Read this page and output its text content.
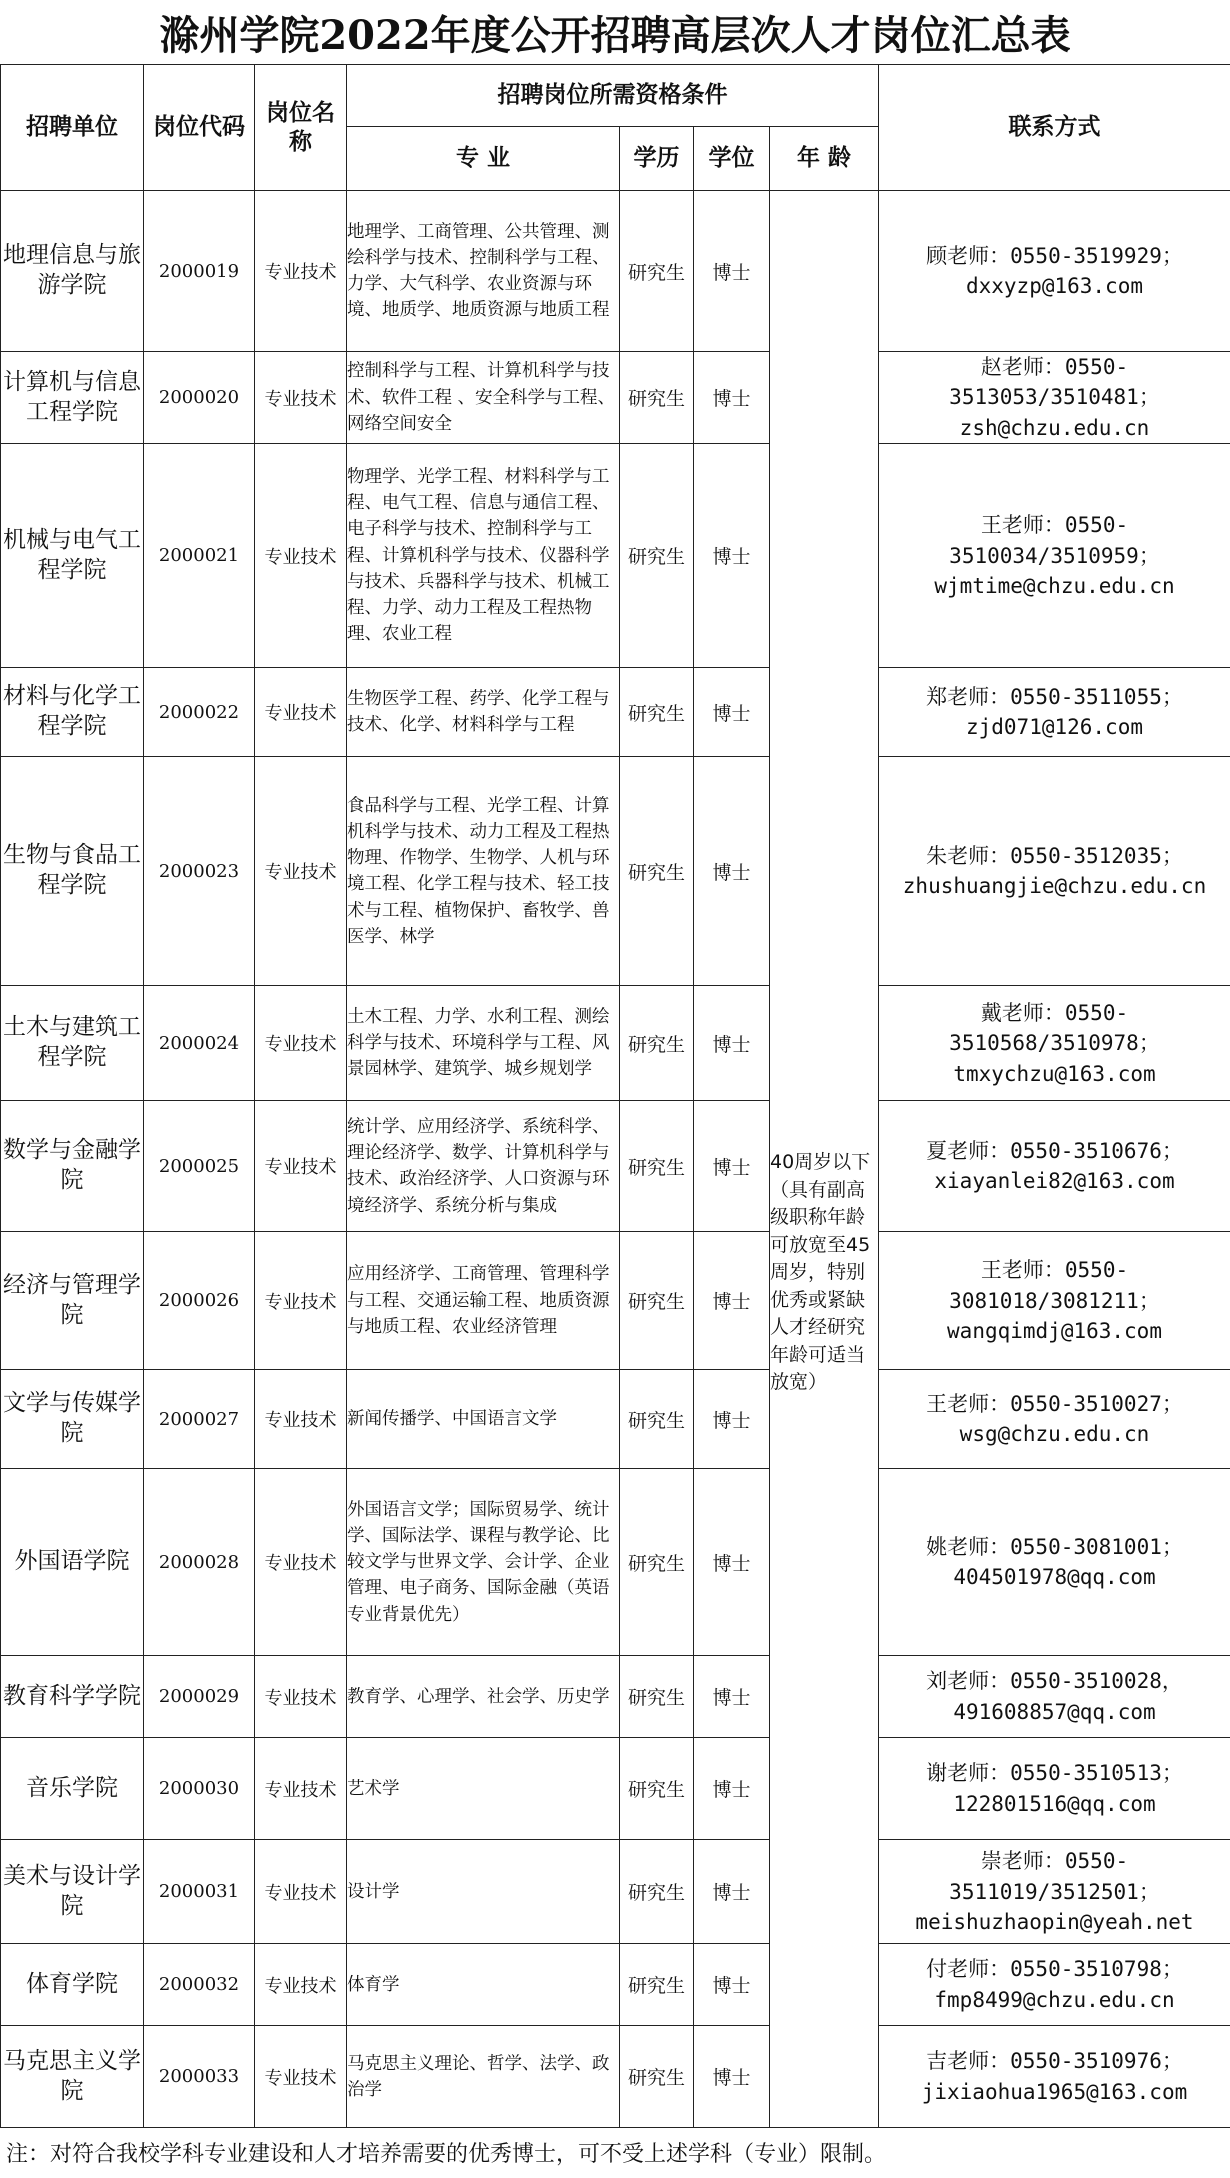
滁州学院2022年度公开招聘高层次人才岗位汇总表
招聘单位	岗位代码	岗位名称	招聘岗位所需资格条件				联系方式
			专 业	学历	学位	年 龄	
地理信息与旅游学院	2000019	专业技术	地理学、工商管理、公共管理、测绘科学与技术、控制科学与工程、力学、大气科学、农业资源与环境、地质学、地质资源与地质工程	研究生	博士	40周岁以下（具有副高级职称年龄可放宽至45周岁，特别优秀或紧缺人才经研究年龄可适当放宽）	顾老师：0550-3519929；dxxyzp@163.com
计算机与信息工程学院	2000020	专业技术	控制科学与工程、计算机科学与技术、软件工程 、安全科学与工程、网络空间安全	研究生	博士		赵老师：0550-3513053/3510481；zsh@chzu.edu.cn
机械与电气工程学院	2000021	专业技术	物理学、光学工程、材料科学与工程、电气工程、信息与通信工程、电子科学与技术、控制科学与工程、计算机科学与技术、仪器科学与技术、兵器科学与技术、机械工程、力学、动力工程及工程热物理、农业工程	研究生	博士		王老师：0550-3510034/3510959；wjmtime@chzu.edu.cn
材料与化学工程学院	2000022	专业技术	生物医学工程、药学、化学工程与技术、化学、材料科学与工程	研究生	博士		郑老师：0550-3511055；zjd071@126.com
生物与食品工程学院	2000023	专业技术	食品科学与工程、光学工程、计算机科学与技术、动力工程及工程热物理、作物学、生物学、人机与环境工程、化学工程与技术、轻工技术与工程、植物保护、畜牧学、兽医学、林学	研究生	博士		朱老师：0550-3512035；zhushuangjie@chzu.edu.cn
土木与建筑工程学院	2000024	专业技术	土木工程、力学、水利工程、测绘科学与技术、环境科学与工程、风景园林学、建筑学、城乡规划学	研究生	博士		戴老师：0550-3510568/3510978；tmxychzu@163.com
数学与金融学院	2000025	专业技术	统计学、应用经济学、系统科学、理论经济学、数学、计算机科学与技术、政治经济学、人口资源与环境经济学、系统分析与集成	研究生	博士		夏老师：0550-3510676；xiayanlei82@163.com
经济与管理学院	2000026	专业技术	应用经济学、工商管理、管理科学与工程、交通运输工程、地质资源与地质工程、农业经济管理	研究生	博士		王老师：0550-3081018/3081211；wangqimdj@163.com
文学与传媒学院	2000027	专业技术	新闻传播学、中国语言文学	研究生	博士		王老师：0550-3510027；wsg@chzu.edu.cn
外国语学院	2000028	专业技术	外国语言文学；国际贸易学、统计学、国际法学、课程与教学论、比较文学与世界文学、会计学、企业管理、电子商务、国际金融（英语专业背景优先）	研究生	博士		姚老师：0550-3081001；404501978@qq.com
教育科学学院	2000029	专业技术	教育学、心理学、社会学、历史学	研究生	博士		刘老师：0550-3510028，491608857@qq.com
音乐学院	2000030	专业技术	艺术学	研究生	博士		谢老师：0550-3510513；122801516@qq.com
美术与设计学院	2000031	专业技术	设计学	研究生	博士		崇老师：0550-3511019/3512501；meishuzhaopin@yeah.net
体育学院	2000032	专业技术	体育学	研究生	博士		付老师：0550-3510798；fmp8499@chzu.edu.cn
马克思主义学院	2000033	专业技术	马克思主义理论、哲学、法学、政治学	研究生	博士		吉老师：0550-3510976；jixiaohua1965@163.com
注：对符合我校学科专业建设和人才培养需要的优秀博士，可不受上述学科（专业）限制。
